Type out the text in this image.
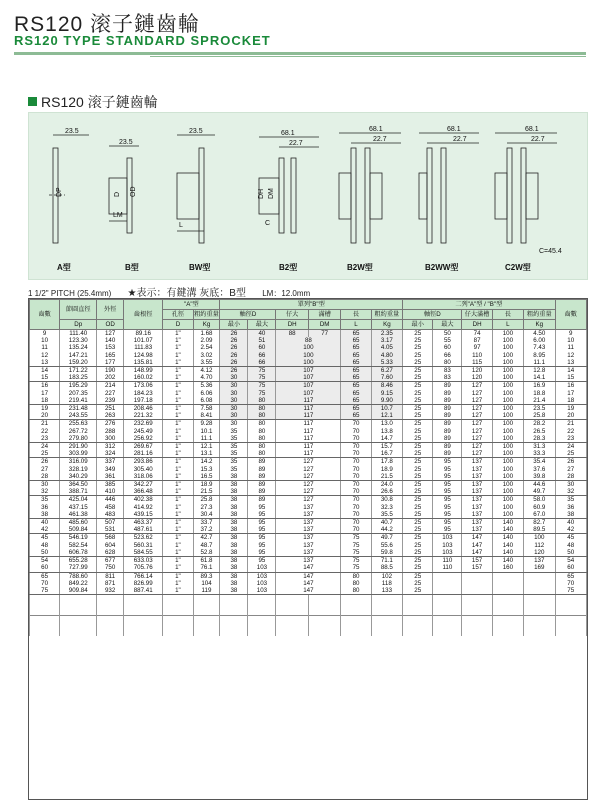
RS120 滚子鏈齒輪
RS120 TYPE STANDARD SPROCKET
RS120 滚子鏈齒輪
23.5
23.5
23.5	68.1
22.7
68.1
22.7
68.1
22.7
68.1
22.7
C=45.4
LM
L	C
OD
DP	D	DH DM
A型	B型	BW型	B2型	B2W型	B2WW型	C2W型
1 1/2" PITCH (25.4mm) ★表示：有鍵溝 灰底：B型 LM：12.0mm
齒數	節圓直徑	外徑	齒根徑	"A"型		單列"B"型						二列"A"型 / "B"型					齒數
				孔徑	粗約重量	軸徑D		仔大	滿槽	長	粗約重量	軸徑D		仔大滿槽	長	粗約重量	
	Dp	OD		D	Kg	最小	最大	DH	DM	L	Kg	最小	最大	DH	L	Kg	
9	111.40	127	89.16	1"	1.68	26	40	88	77	65	2.35	25	50	74	100	4.50	9
10	123.30	140	101.07	1"	2.09	26	51	88		65	3.17	25	55	87	100	6.00	10
11	135.24	153	111.83	1"	2.54	26	60	100		65	4.05	25	60	97	100	7.43	11
12	147.21	165	124.98	1"	3.02	26	66	100		65	4.80	25	66	110	100	8.95	12
13	159.20	177	135.81	1"	3.55	26	66	100		65	5.33	25	80	115	100	11.1	13
14	171.22	190	148.99	1"	4.12	26	75	107		65	6.27	25	83	120	100	12.8	14
15	183.25	202	160.02	1"	4.70	30	75	107		65	7.60	25	83	120	100	14.1	15
16	195.29	214	173.06	1"	5.36	30	75	107		65	8.46	25	89	127	100	16.9	16
17	207.35	227	184.23	1"	6.06	30	75	107		65	9.15	25	89	127	100	18.8	17
18	219.41	239	197.18	1"	6.08	30	80	117		65	9.90	25	89	127	100	21.4	18
19	231.48	251	208.46	1"	7.58	30	80	117		65	10.7	25	89	127	100	23.5	19
20	243.55	263	221.32	1"	8.41	30	80	117		65	12.1	25	89	127	100	25.8	20
21	255.63	276	232.69	1"	9.28	30	80	117		70	13.0	25	89	127	100	28.2	21
22	267.72	288	245.49	1"	10.1	35	80	117		70	13.8	25	89	127	100	26.5	22
23	279.80	300	256.92	1"	11.1	35	80	117		70	14.7	25	89	127	100	28.3	23
24	291.90	312	269.67	1"	12.1	35	80	117		70	15.7	25	89	127	100	31.3	24
25	303.99	324	281.16	1"	13.1	35	80	117		70	16.7	25	89	127	100	33.3	25
26	316.09	337	293.86	1"	14.2	35	89	127		70	17.8	25	95	137	100	35.4	26
27	328.19	349	305.40	1"	15.3	35	89	127		70	18.9	25	95	137	100	37.6	27
28	340.29	361	318.06	1"	16.5	38	89	127		70	21.5	25	95	137	100	39.8	28
30	364.50	385	342.27	1"	18.9	38	89	127		70	24.0	25	95	137	100	44.6	30
32	388.71	410	366.48	1"	21.5	38	89	127		70	26.6	25	95	137	100	49.7	32
35	425.04	446	402.38	1"	25.8	38	89	127		70	30.8	25	95	137	100	58.0	35
36	437.15	458	414.92	1"	27.3	38	95	137		70	32.3	25	95	137	100	60.9	36
38	461.38	483	439.15	1"	30.4	38	95	137		70	35.5	25	95	137	100	67.0	38
40	485.60	507	463.37	1"	33.7	38	95	137		70	40.7	25	95	137	140	82.7	40
42	509.84	531	487.61	1"	37.2	38	95	137		70	44.2	25	95	137	140	89.5	42
45	546.19	568	523.62	1"	42.7	38	95	137		75	49.7	25	103	147	140	100	45
48	582.54	604	560.31	1"	48.7	38	95	137		75	55.6	25	103	147	140	112	48
50	606.78	628	584.55	1"	52.8	38	95	137		75	59.8	25	103	147	140	120	50
54	655.28	677	633.03	1"	61.8	38	95	137		75	71.1	25	110	157	140	137	54
60	727.99	750	705.76	1"	76.1	38	103	147		75	88.5	25	110	157	160	169	60
65	788.60	811	766.14	1"	89.3	38	103	147		80	102	25					65
70	849.22	871	826.99	1"	104	38	103	147		80	118	25					70
75	909.84	932	887.41	1"	119	38	103	147		80	133	25					75
